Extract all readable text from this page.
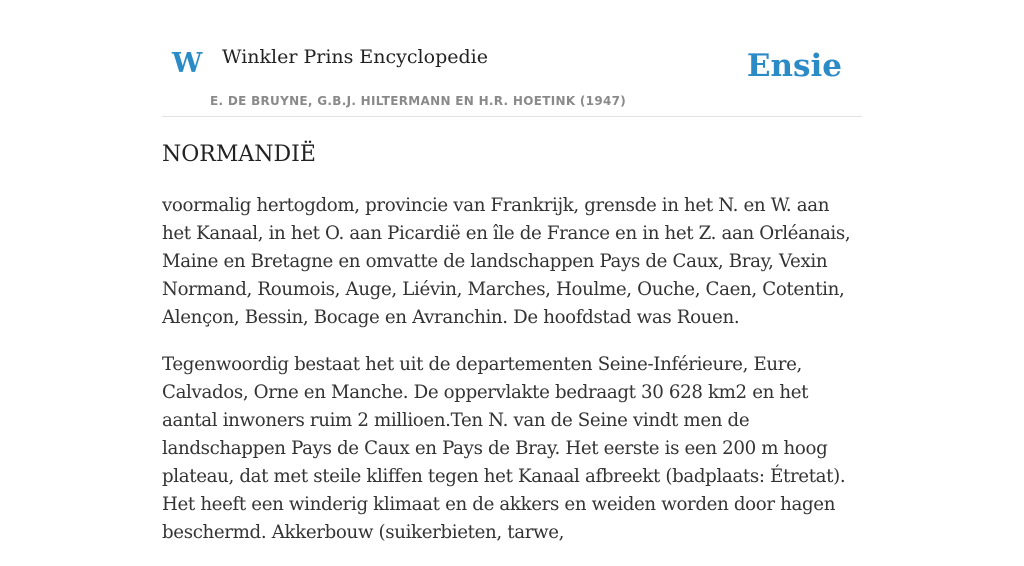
W Winkler Prins Encyclopedie
E. DE BRUYNE, G.B.J. HILTERMANN EN H.R. HOETINK (1947)
Ensie
NORMANDIË

voormalig hertogdom, provincie van Frankrijk, grensde in het N. en W. aan het Kanaal, in het O. aan Picardië en île de France en in het Z. aan Orléanais, Maine en Bretagne en omvatte de landschappen Pays de Caux, Bray, Vexin Normand, Roumois, Auge, Liévin, Marches, Houlme, Ouche, Caen, Cotentin, Alençon, Bessin, Bocage en Avranchin. De hoofdstad was Rouen.

Tegenwoordig bestaat het uit de departementen Seine-Inférieure, Eure, Calvados, Orne en Manche. De oppervlakte bedraagt 30 628 km2 en het aantal inwoners ruim 2 millioen.Ten N. van de Seine vindt men de landschappen Pays de Caux en Pays de Bray. Het eerste is een 200 m hoog plateau, dat met steile kliffen tegen het Kanaal afbreekt (badplaats: Étretat). Het heeft een winderig klimaat en de akkers en weiden worden door hagen beschermd. Akkerbouw (suikerbieten, tarwe,
